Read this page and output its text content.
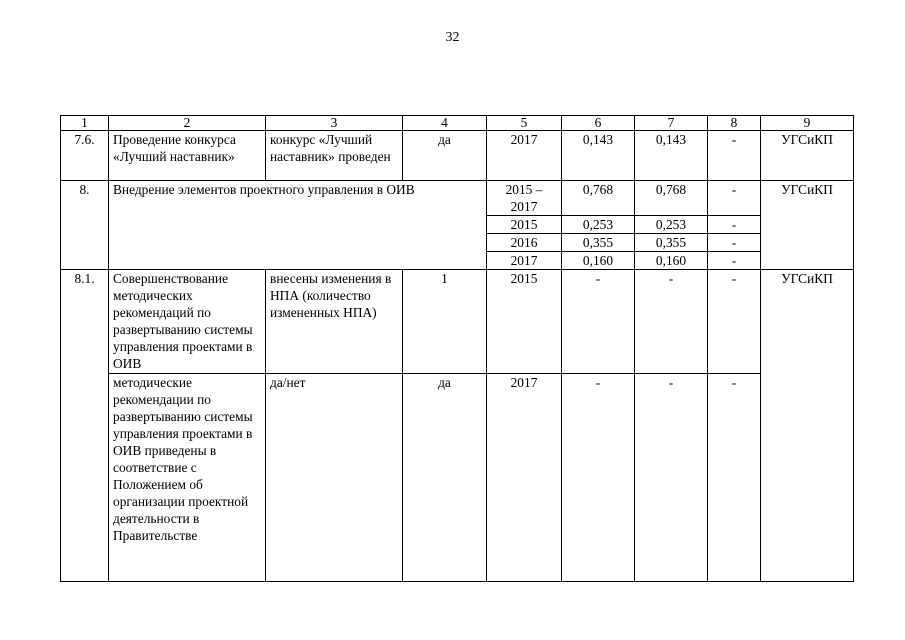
32
1	2	3	4	5	6	7	8	9
7.6.	Проведение конкурса «Лучший наставник»	конкурс «Лучший наставник» проведен	да	2017	0,143	0,143	-	УГСиКП
8.	Внедрение элементов проектного управления в ОИВ			2015 – 2017	0,768	0,768	-	УГСиКП
				2015	0,253	0,253	-	
				2016	0,355	0,355	-	
				2017	0,160	0,160	-	
8.1.	Совершенствование методических рекомендаций по развертыванию системы управления проектами в ОИВ	внесены изменения в НПА (количество измененных НПА)	1	2015	-	-	-	УГСиКП
	методические рекомендации по развертыванию системы управления проектами в ОИВ приведены в соответствие с Положением об организации проектной деятельности в Правительстве	да/нет	да	2017	-	-	-	
